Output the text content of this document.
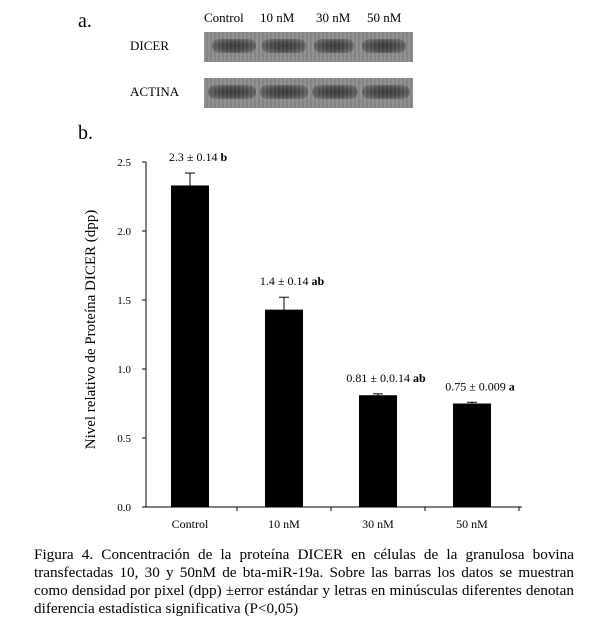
a.	Control 10 nM 30 nM 50 nM
DICER
ACTINA
b.
0.0
0.5
1.0
1.5
2.0
2.5
Nivel relativo de Proteína DICER (dpp)
Control
2.3 ± 0.14 b
10 nM
1.4 ± 0.14 ab
30 nM
0.81 ± 0.0.14 ab
50 nM
0.75 ± 0.009 a
Figura 4. Concentración de la proteína DICER en células de la granulosa bovina transfectadas 10, 30 y 50nM de bta-miR-19a. Sobre las barras los datos se muestran como densidad por pixel (dpp) ±error estándar y letras en minúsculas diferentes denotan diferencia estadística significativa (P<0,05)
